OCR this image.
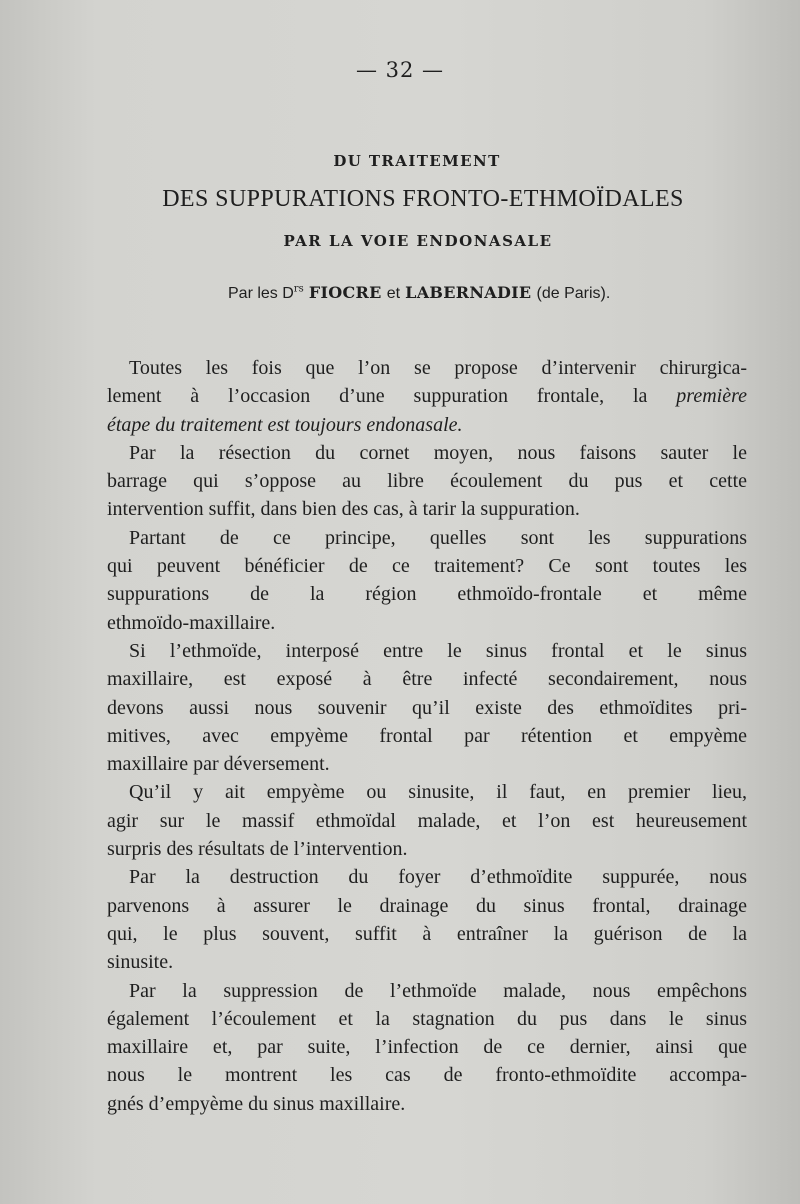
— 32 —
DU TRAITEMENT
DES SUPPURATIONS FRONTO-ETHMOÏDALES
PAR LA VOIE ENDONASALE
Par les $D^{rs}$ FIOCRE et LABERNADIE (de Paris).
Toutes les fois que l’on se propose d’intervenir chirurgica-
lement à l’occasion d’une suppuration frontale, la première
étape du traitement est toujours endonasale.
Par la résection du cornet moyen, nous faisons sauter le
barrage qui s’oppose au libre écoulement du pus et cette
intervention suffit, dans bien des cas, à tarir la suppuration.
Partant de ce principe, quelles sont les suppurations
qui peuvent bénéficier de ce traitement? Ce sont toutes les
suppurations de la région ethmoïdo-frontale et même
ethmoïdo-maxillaire.
Si l’ethmoïde, interposé entre le sinus frontal et le sinus
maxillaire, est exposé à être infecté secondairement, nous
devons aussi nous souvenir qu’il existe des ethmoïdites pri-
mitives, avec empyème frontal par rétention et empyème
maxillaire par déversement.
Qu’il y ait empyème ou sinusite, il faut, en premier lieu,
agir sur le massif ethmoïdal malade, et l’on est heureusement
surpris des résultats de l’intervention.
Par la destruction du foyer d’ethmoïdite suppurée, nous
parvenons à assurer le drainage du sinus frontal, drainage
qui, le plus souvent, suffit à entraîner la guérison de la
sinusite.
Par la suppression de l’ethmoïde malade, nous empêchons
également l’écoulement et la stagnation du pus dans le sinus
maxillaire et, par suite, l’infection de ce dernier, ainsi que
nous le montrent les cas de fronto-ethmoïdite accompa-
gnés d’empyème du sinus maxillaire.
